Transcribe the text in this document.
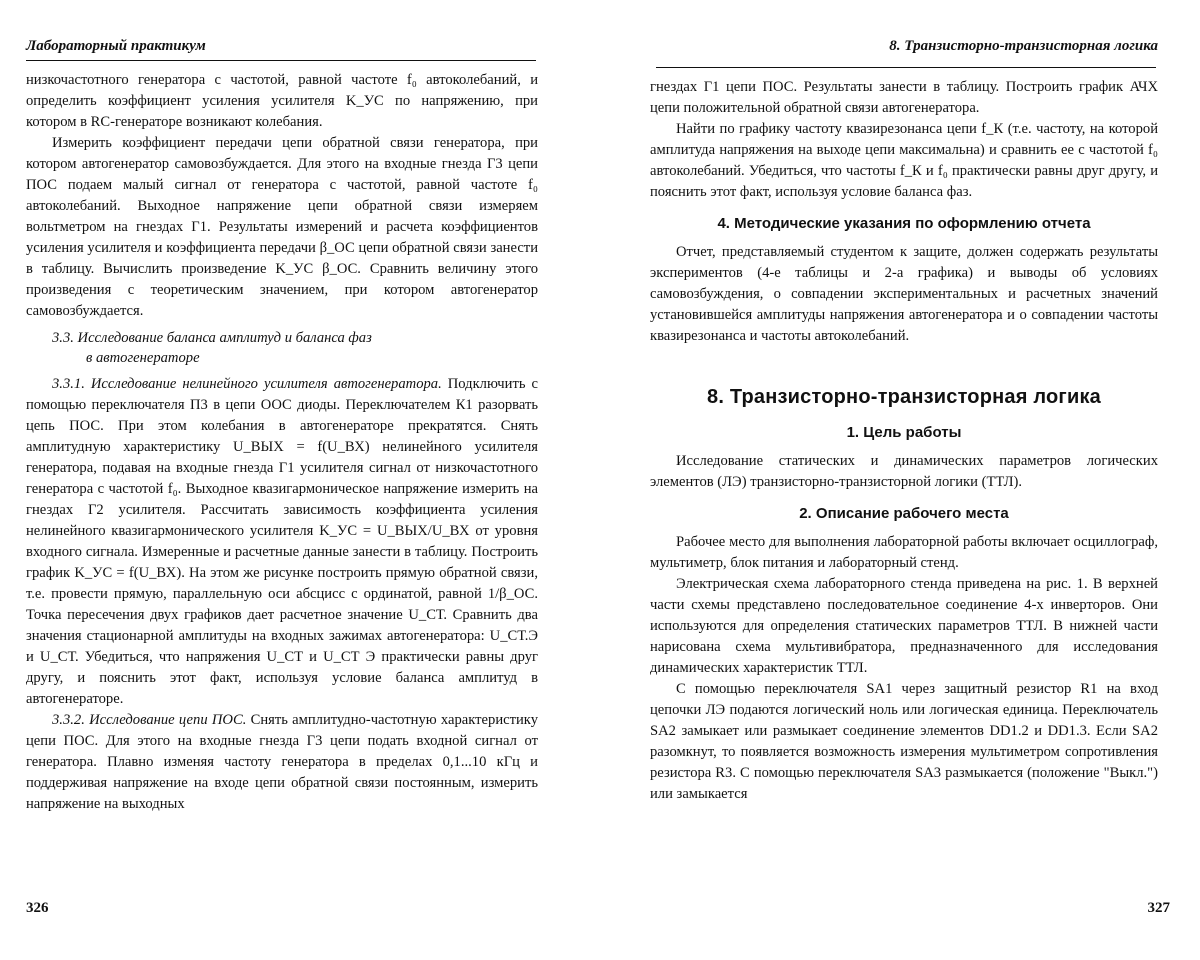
Лабораторный практикум

низкочастотного генератора с частотой, равной частоте f₀ автоколебаний, и определить коэффициент усиления усилителя K_УС по напряжению, при котором в RC-генераторе возникают колебания.

Измерить коэффициент передачи цепи обратной связи генератора, при котором автогенератор самовозбуждается. Для этого на входные гнезда Г3 цепи ПОС подаем малый сигнал от генератора с частотой, равной частоте f₀ автоколебаний. Выходное напряжение цепи обратной связи измеряем вольтметром на гнездах Г1. Результаты измерений и расчета коэффициентов усиления усилителя и коэффициента передачи β_ОС цепи обратной связи занести в таблицу. Вычислить произведение K_УС β_ОС. Сравнить величину этого произведения с теоретическим значением, при котором автогенератор самовозбуждается.

3.3. Исследование баланса амплитуд и баланса фаз
в автогенераторе

3.3.1. Исследование нелинейного усилителя автогенератора. Подключить с помощью переключателя П3 в цепи ООС диоды. Переключателем К1 разорвать цепь ПОС. При этом колебания в автогенераторе прекратятся. Снять амплитудную характеристику U_ВЫХ = f(U_ВХ) нелинейного усилителя генератора, подавая на входные гнезда Г1 усилителя сигнал от низкочастотного генератора с частотой f₀. Выходное квазигармоническое напряжение измерить на гнездах Г2 усилителя. Рассчитать зависимость коэффициента усиления нелинейного квазигармонического усилителя K_УС = U_ВЫХ/U_ВХ от уровня входного сигнала. Измеренные и расчетные данные занести в таблицу. Построить график K_УС = f(U_ВХ). На этом же рисунке построить прямую обратной связи, т.е. провести прямую, параллельную оси абсцисс с ординатой, равной 1/β_ОС. Точка пересечения двух графиков дает расчетное значение U_СТ. Сравнить два значения стационарной амплитуды на входных зажимах автогенератора: U_СТ.Э и U_СТ. Убедиться, что напряжения U_СТ и U_СТ Э практически равны друг другу, и пояснить этот факт, используя условие баланса амплитуд в автогенераторе.

3.3.2. Исследование цепи ПОС. Снять амплитудно-частотную характеристику цепи ПОС. Для этого на входные гнезда Г3 цепи подать входной сигнал от генератора. Плавно изменяя частоту генератора в пределах 0,1...10 кГц и поддерживая напряжение на входе цепи обратной связи постоянным, измерить напряжение на выходных

326
8. Транзисторно-транзисторная логика

гнездах Г1 цепи ПОС. Результаты занести в таблицу. Построить график АЧХ цепи положительной обратной связи автогенератора.

Найти по графику частоту квазирезонанса цепи f_К (т.е. частоту, на которой амплитуда напряжения на выходе цепи максимальна) и сравнить ее с частотой f₀ автоколебаний. Убедиться, что частоты f_К и f₀ практически равны друг другу, и пояснить этот факт, используя условие баланса фаз.

4. Методические указания по оформлению отчета

Отчет, представляемый студентом к защите, должен содержать результаты экспериментов (4-е таблицы и 2-а графика) и выводы об условиях самовозбуждения, о совпадении экспериментальных и расчетных значений установившейся амплитуды напряжения автогенератора и о совпадении частоты квазирезонанса и частоты автоколебаний.

8. Транзисторно-транзисторная логика
1. Цель работы

Исследование статических и динамических параметров логических элементов (ЛЭ) транзисторно-транзисторной логики (ТТЛ).

2. Описание рабочего места

Рабочее место для выполнения лабораторной работы включает осциллограф, мультиметр, блок питания и лабораторный стенд.

Электрическая схема лабораторного стенда приведена на рис. 1. В верхней части схемы представлено последовательное соединение 4-х инверторов. Они используются для определения статических параметров ТТЛ. В нижней части нарисована схема мультивибратора, предназначенного для исследования динамических характеристик ТТЛ.

С помощью переключателя SA1 через защитный резистор R1 на вход цепочки ЛЭ подаются логический ноль или логическая единица. Переключатель SA2 замыкает или размыкает соединение элементов DD1.2 и DD1.3. Если SA2 разомкнут, то появляется возможность измерения мультиметром сопротивления резистора R3. С помощью переключателя SA3 размыкается (положение "Выкл.") или замыкается

327
